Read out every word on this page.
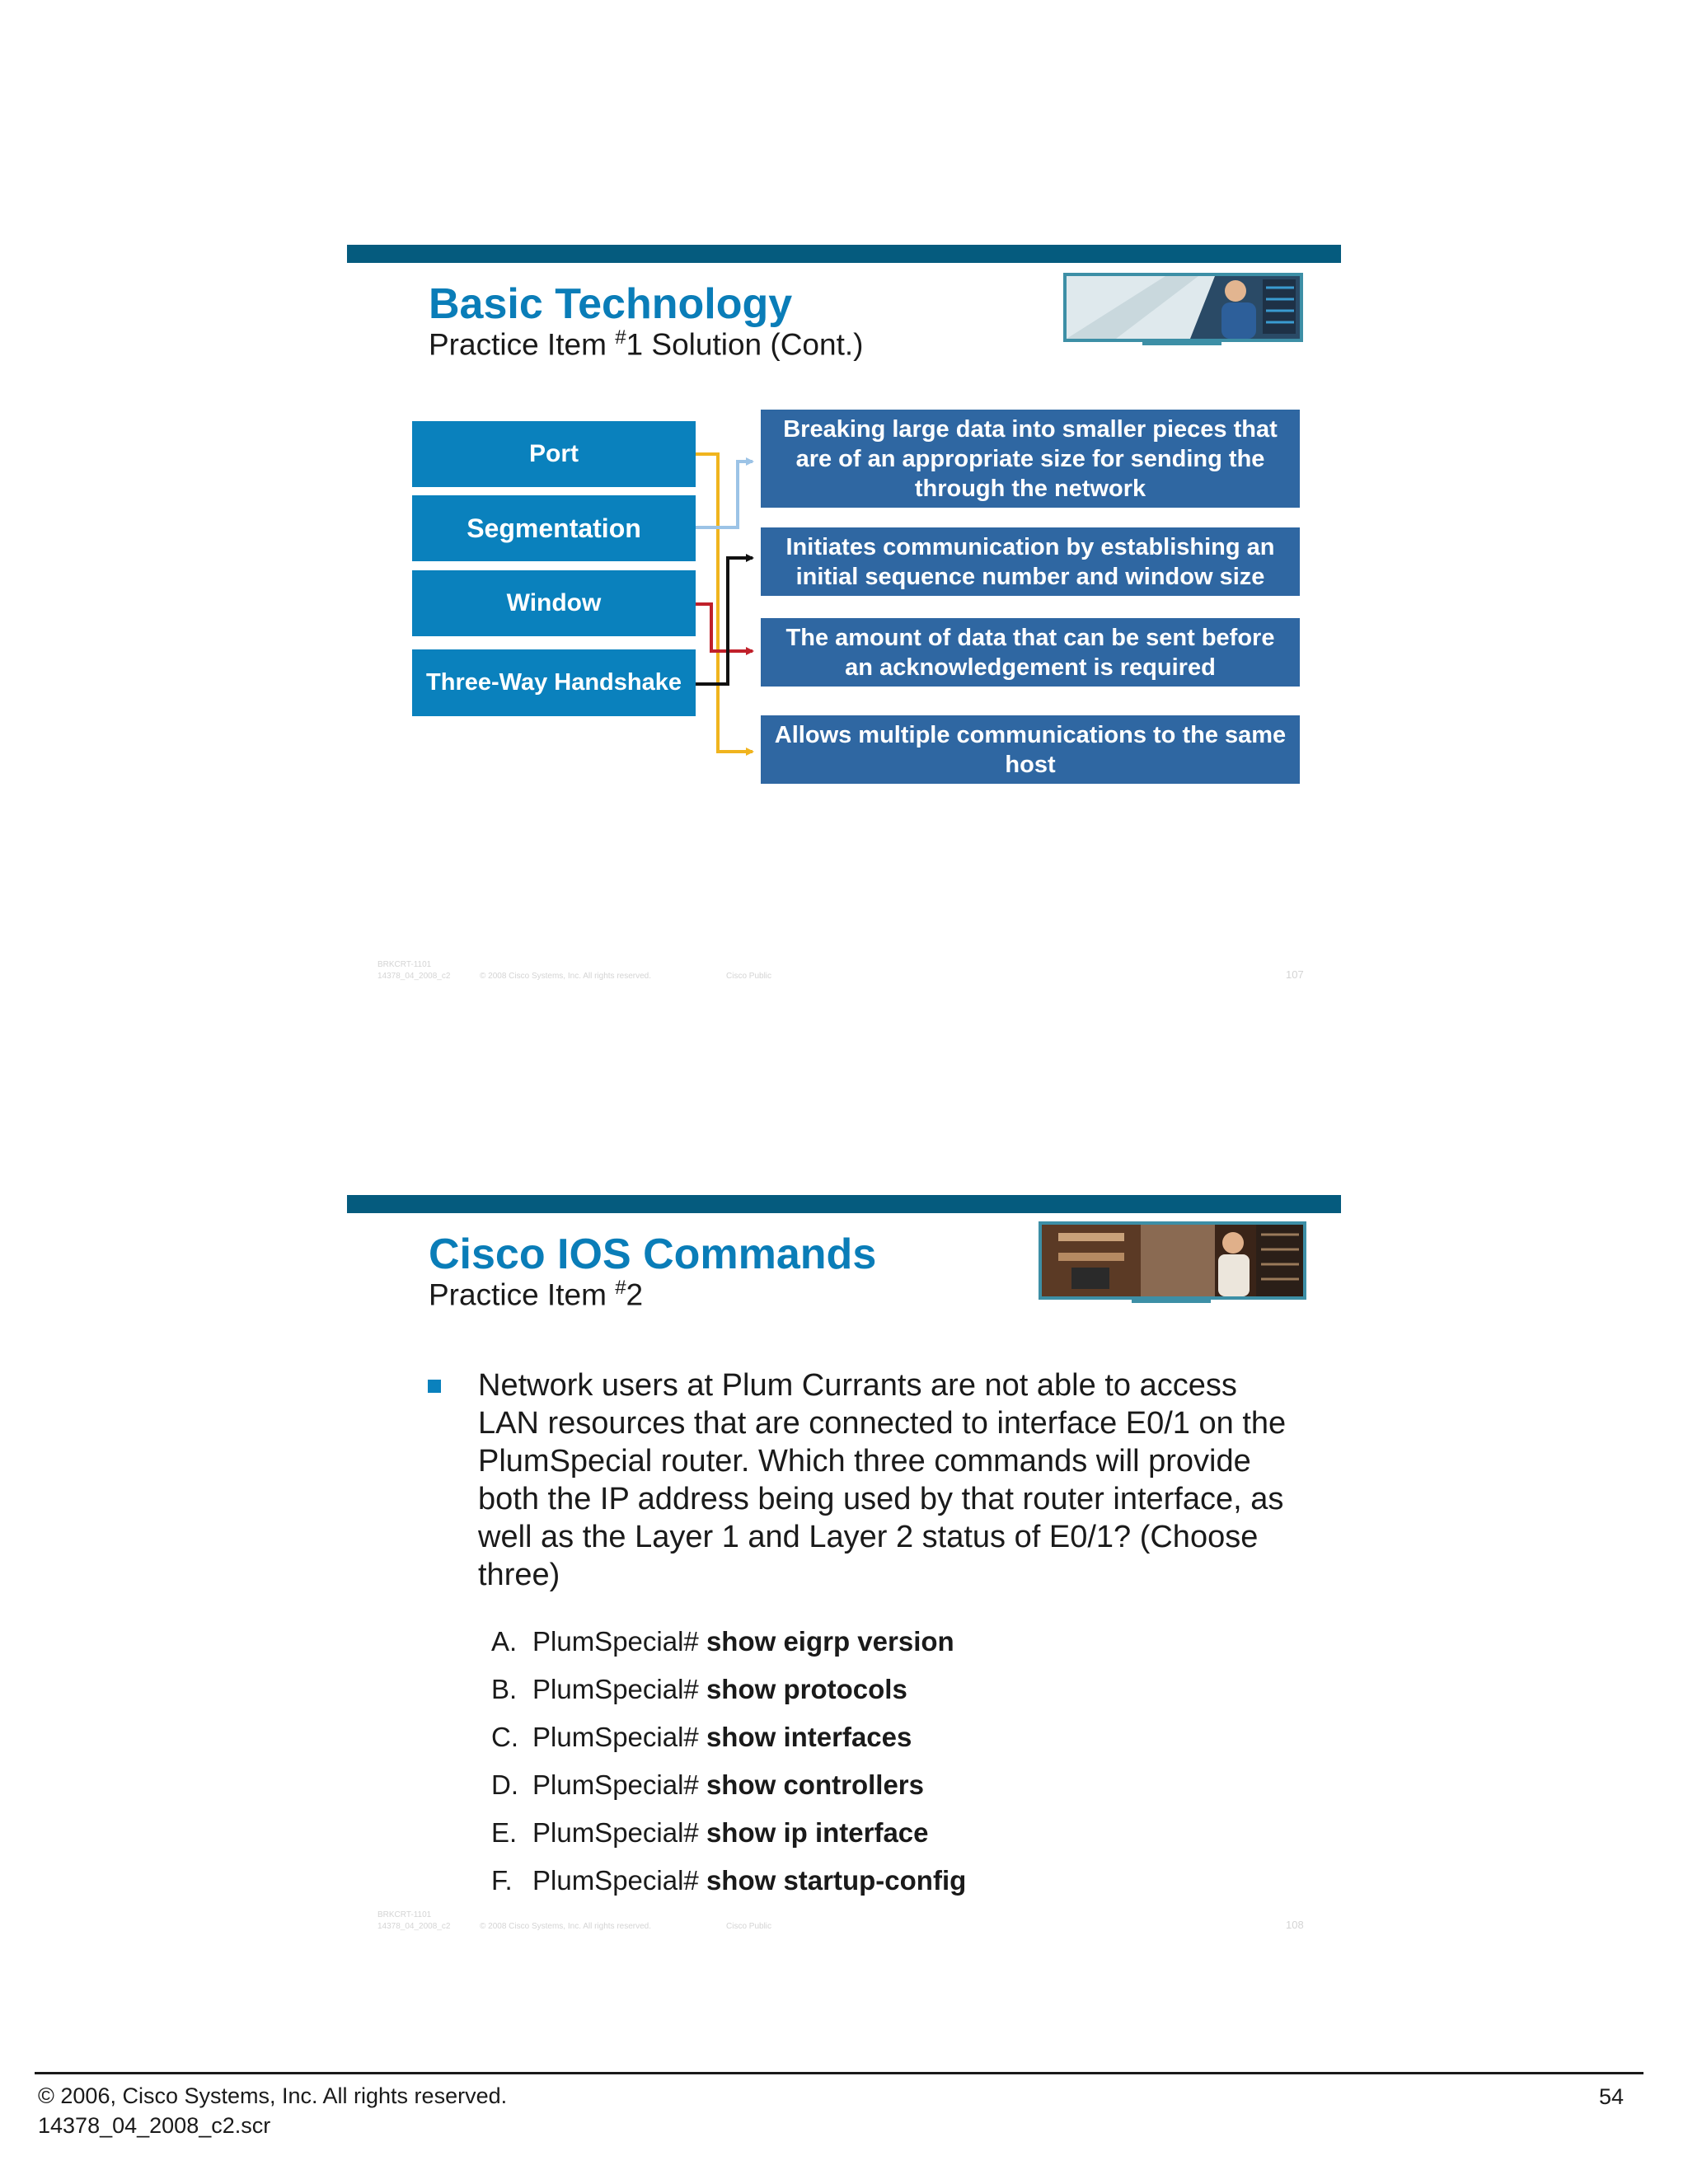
Basic Technology

Practice Item #1 Solution (Cont.)

Port
Segmentation
Window
Three-Way Handshake
Breaking large data into smaller pieces that are of an appropriate size for sending the through the network
Initiates communication by establishing an initial sequence number and window size
The amount of data that can be sent before an acknowledgement is required
Allows multiple communications to the same host
BRKCRT-1101
14378_04_2008_c2	© 2008 Cisco Systems, Inc. All rights reserved.	Cisco Public	107
Cisco IOS Commands

Practice Item #2

Network users at Plum Currants are not able to access LAN resources that are connected to interface E0/1 on the PlumSpecial router. Which three commands will provide both the IP address being used by that router interface, as well as the Layer 1 and Layer 2 status of E0/1? (Choose three)

A. PlumSpecial# show eigrp version
B. PlumSpecial# show protocols
C. PlumSpecial# show interfaces
D. PlumSpecial# show controllers
E. PlumSpecial# show ip interface
F. PlumSpecial# show startup-config
BRKCRT-1101
14378_04_2008_c2	© 2008 Cisco Systems, Inc. All rights reserved.	Cisco Public	108
© 2006, Cisco Systems, Inc. All rights reserved.
14378_04_2008_c2.scr
54
